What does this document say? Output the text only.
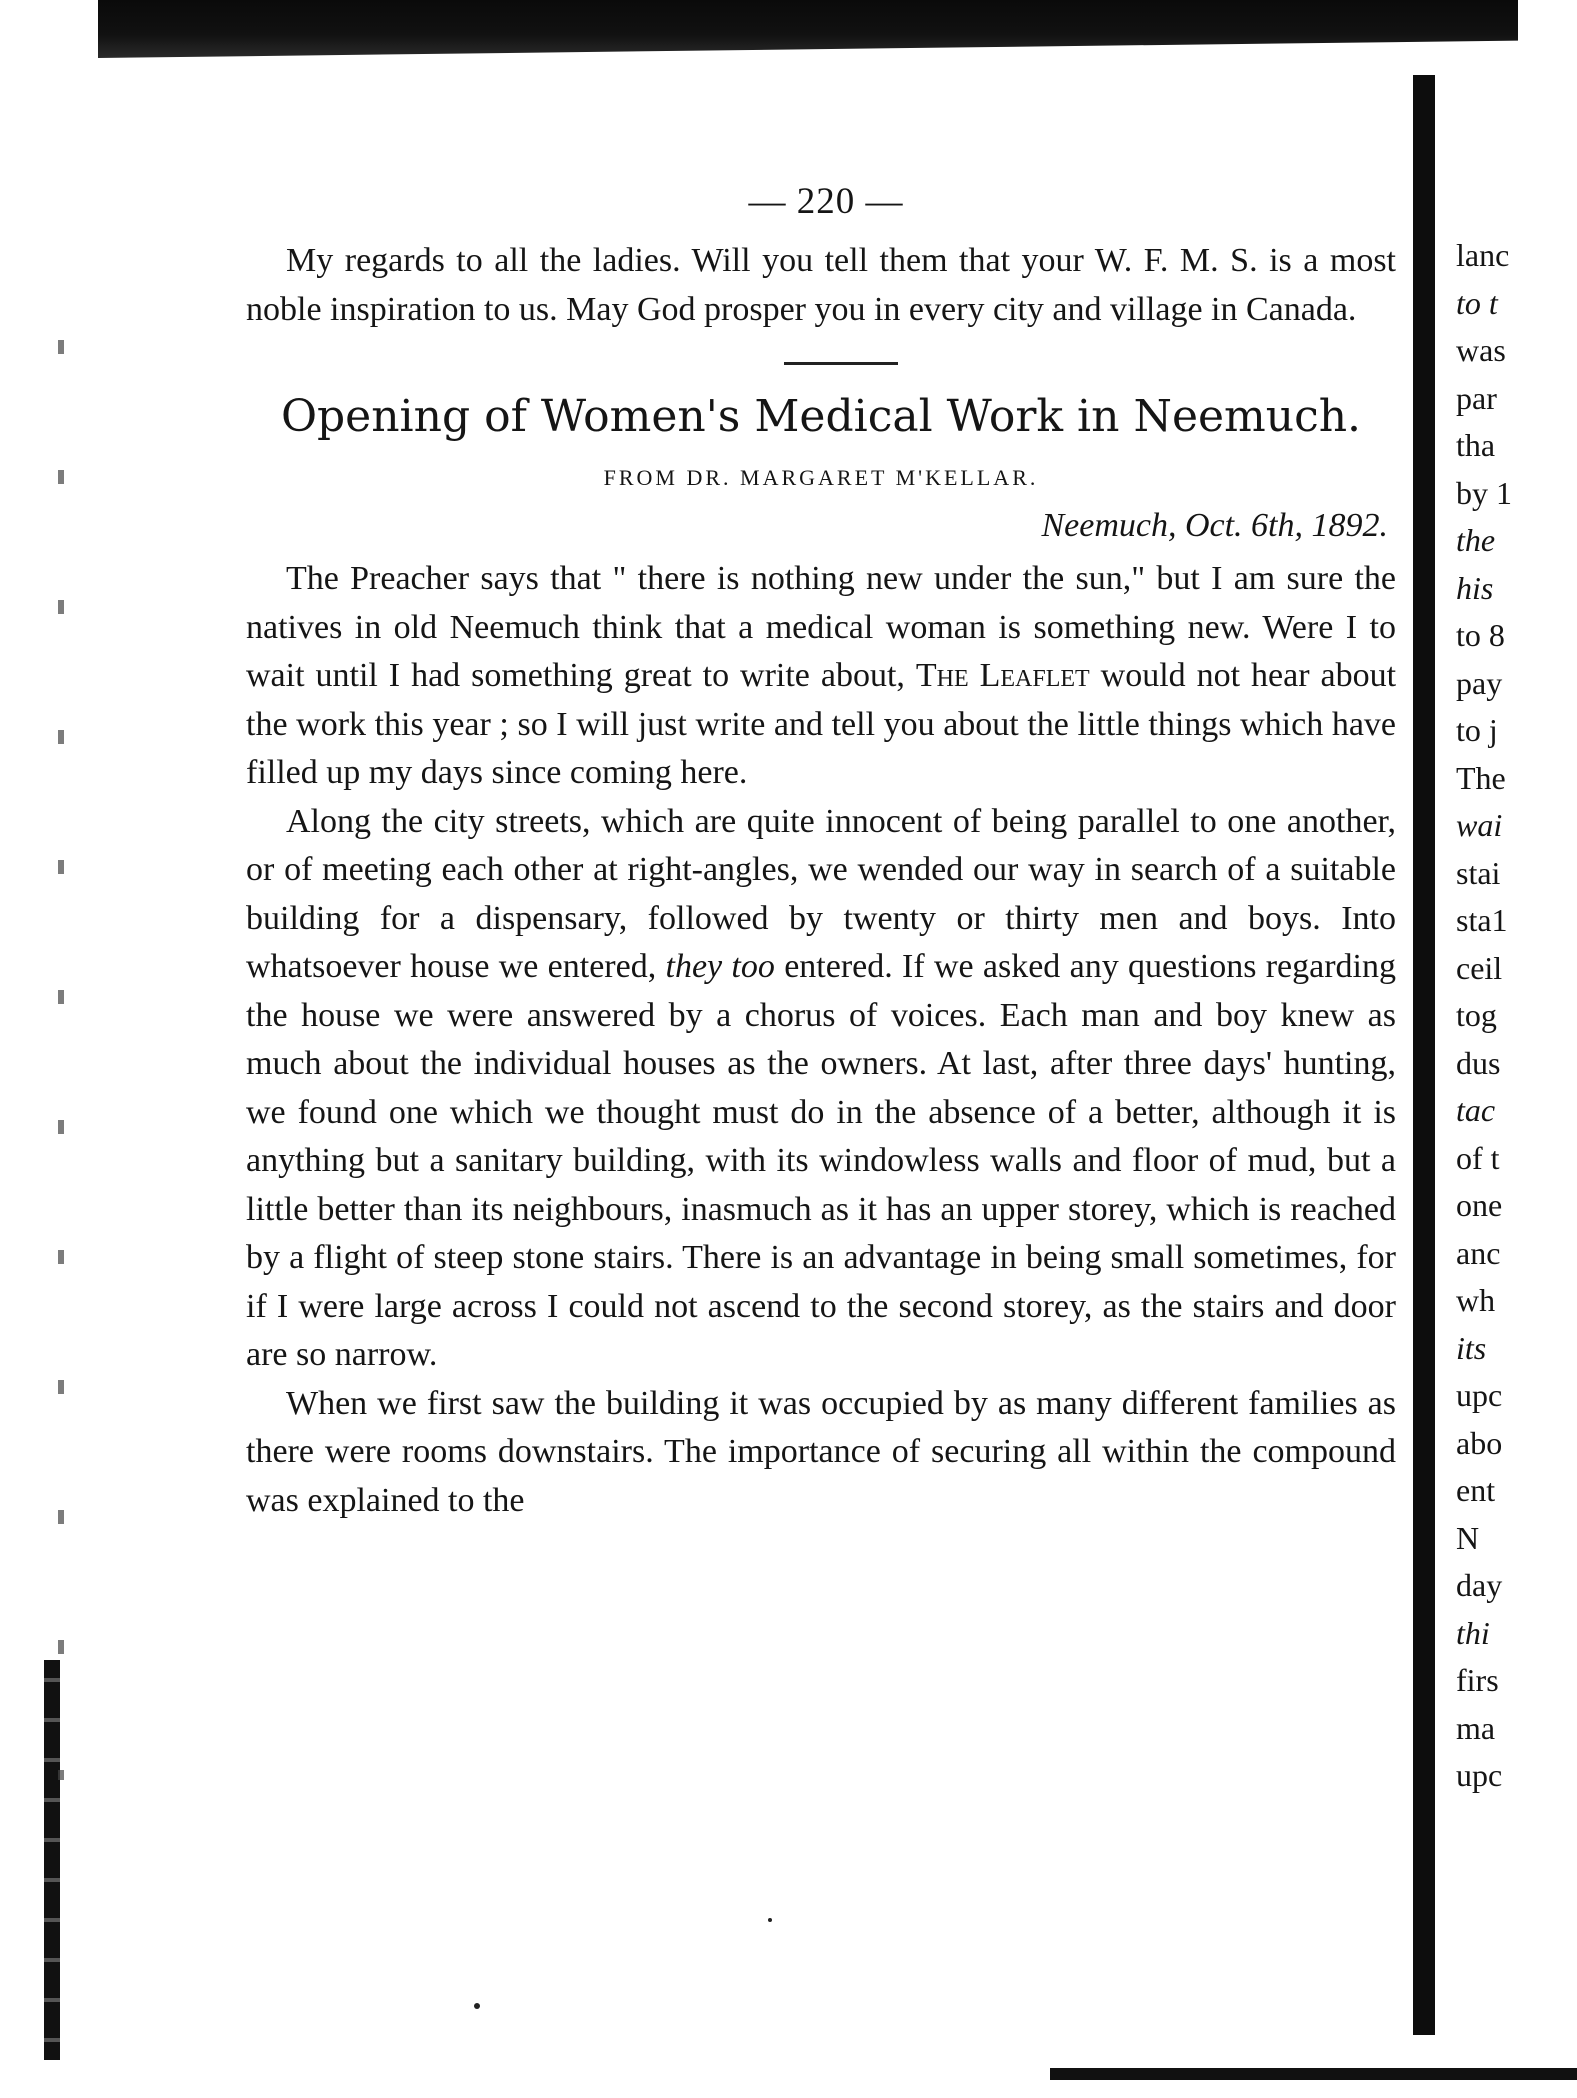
— 220 —

My regards to all the ladies. Will you tell them that your W. F. M. S. is a most noble inspiration to us. May God prosper you in every city and village in Canada.

Opening of Women's Medical Work in Neemuch.
FROM DR. MARGARET M'KELLAR.
Neemuch, Oct. 6th, 1892.

The Preacher says that " there is nothing new under the sun," but I am sure the natives in old Neemuch think that a medical woman is something new. Were I to wait until I had something great to write about, The Leaflet would not hear about the work this year ; so I will just write and tell you about the little things which have filled up my days since coming here.

Along the city streets, which are quite innocent of being parallel to one another, or of meeting each other at right-angles, we wended our way in search of a suitable building for a dispensary, followed by twenty or thirty men and boys. Into whatsoever house we entered, they too entered. If we asked any questions regarding the house we were answered by a chorus of voices. Each man and boy knew as much about the individual houses as the owners. At last, after three days' hunting, we found one which we thought must do in the absence of a better, although it is anything but a sanitary building, with its windowless walls and floor of mud, but a little better than its neighbours, inasmuch as it has an upper storey, which is reached by a flight of steep stone stairs. There is an advantage in being small sometimes, for if I were large across I could not ascend to the second storey, as the stairs and door are so narrow.

When we first saw the building it was occupied by as many different families as there were rooms downstairs. The importance of securing all within the compound was explained to the

lanc
to t
was
par
tha
by 1
the
his
to 8
pay
to j
The
wai
stai
sta1
ceil
tog
dus
tac
of t
one
anc
wh
its
upc
abo
ent
N
day
thi
firs
ma
upc
